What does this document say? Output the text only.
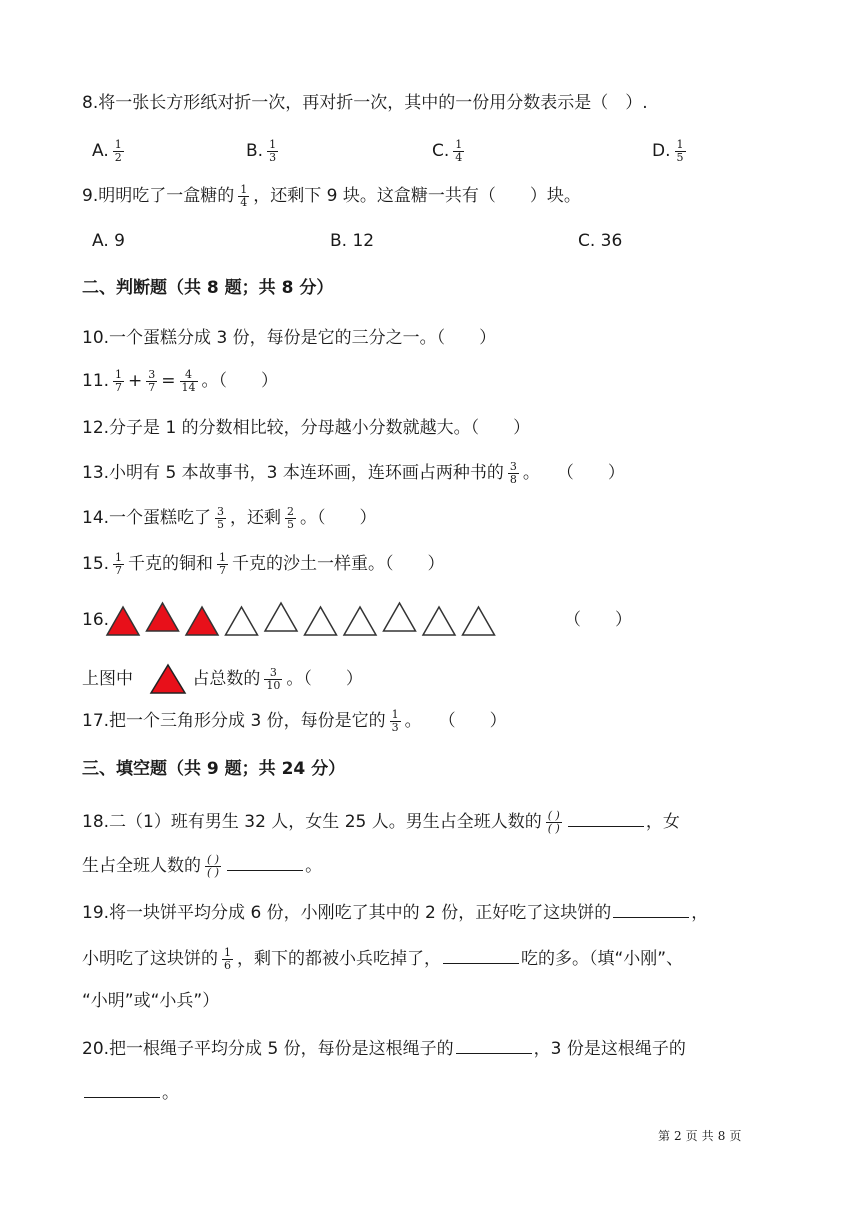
8.将一张长方形纸对折一次，再对折一次，其中的一份用分数表示是（　）.
A. $\frac{1}{2}$	B. $\frac{1}{3}$	C. $\frac{1}{4}$	D. $\frac{1}{5}$
9.明明吃了一盒糖的 $\frac{1}{4}$ ，还剩下 9 块。这盒糖一共有（　　）块。
A. 9	B. 12	C. 36
二、判断题（共 8 题；共 8 分）
10.一个蛋糕分成 3 份，每份是它的三分之一。（　　）
11. $\frac{1}{7} + \frac{3}{7} = \frac{4}{14}$ 。（　　）
12.分子是 1 的分数相比较，分母越小分数就越大。（　　）
13.小明有 5 本故事书，3 本连环画，连环画占两种书的 $\frac{3}{8}$ 。　　（　　）
14.一个蛋糕吃了 $\frac{3}{5}$ ，还剩 $\frac{2}{5}$ 。（　　）
15. $\frac{1}{7}$ 千克的铜和 $\frac{1}{7}$ 千克的沙土一样重。（　　）
16.	（　　）
上图中	占总数的 $\frac{3}{10}$ 。（　　）
17.把一个三角形分成 3 份，每份是它的 $\frac{1}{3}$ 。　　（　　）
三、填空题（共 9 题；共 24 分）
18.二（1）班有男生 32 人，女生 25 人。男生占全班人数的 $\frac{( )}{( )}$	，女
生占全班人数的 $\frac{( )}{( )}$	。
19.将一块饼平均分成 6 份，小刚吃了其中的 2 份，正好吃了这块饼的	，
小明吃了这块饼的 $\frac{1}{6}$ ，剩下的都被小兵吃掉了，	吃的多。（填“小刚”、
“小明”或“小兵”）
20.把一根绳子平均分成 5 份，每份是这根绳子的	，3 份是这根绳子的
。
第 2 页 共 8 页
